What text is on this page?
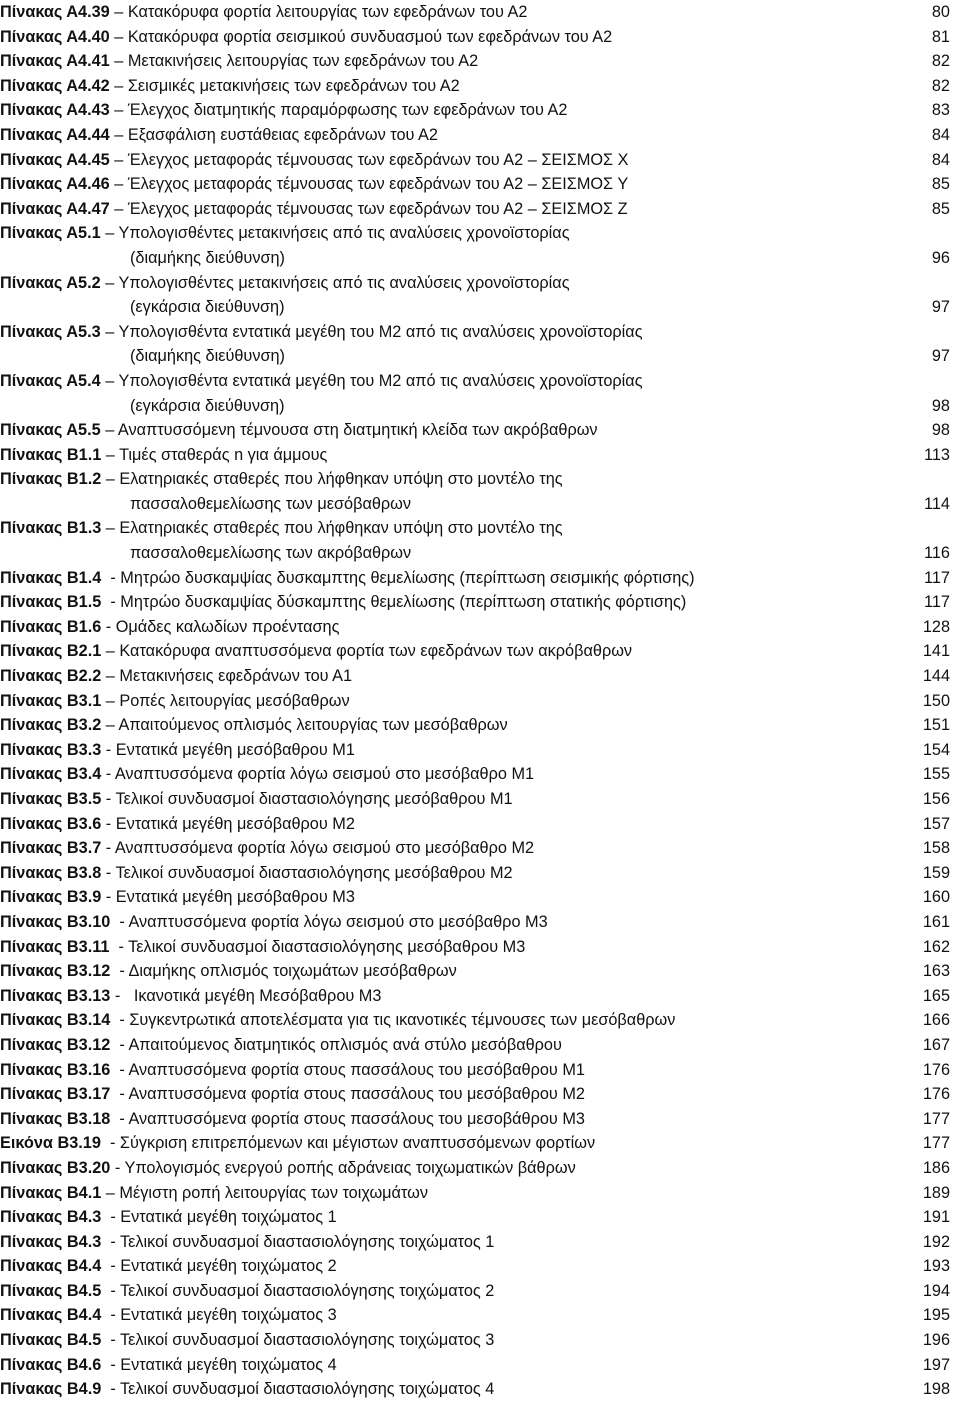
Πίνακας Α4.39 – Κατακόρυφα φορτία λειτουργίας των εφεδράνων του Α2	80
Πίνακας Α4.40 – Κατακόρυφα φορτία σεισμικού συνδυασμού των εφεδράνων του Α2	81
Πίνακας Α4.41 – Μετακινήσεις λειτουργίας των εφεδράνων του Α2	82
Πίνακας Α4.42 – Σεισμικές μετακινήσεις των εφεδράνων του Α2	82
Πίνακας Α4.43 – Έλεγχος διατμητικής παραμόρφωσης των εφεδράνων του Α2	83
Πίνακας Α4.44 – Εξασφάλιση ευστάθειας εφεδράνων του Α2	84
Πίνακας Α4.45 – Έλεγχος μεταφοράς τέμνουσας των εφεδράνων του Α2 – ΣΕΙΣΜΟΣ Χ	84
Πίνακας Α4.46 – Έλεγχος μεταφοράς τέμνουσας των εφεδράνων του Α2 – ΣΕΙΣΜΟΣ Υ	85
Πίνακας Α4.47 – Έλεγχος μεταφοράς τέμνουσας των εφεδράνων του Α2 – ΣΕΙΣΜΟΣ Ζ	85
Πίνακας Α5.1 – Υπολογισθέντες μετακινήσεις από τις αναλύσεις χρονοϊστορίας
(διαμήκης διεύθυνση)	96
Πίνακας Α5.2 – Υπολογισθέντες μετακινήσεις από τις αναλύσεις χρονοϊστορίας
(εγκάρσια διεύθυνση)	97
Πίνακας Α5.3 – Υπολογισθέντα εντατικά μεγέθη του Μ2 από τις αναλύσεις χρονοϊστορίας
(διαμήκης διεύθυνση)	97
Πίνακας Α5.4 – Υπολογισθέντα εντατικά μεγέθη του Μ2 από τις αναλύσεις χρονοϊστορίας
(εγκάρσια διεύθυνση)	98
Πίνακας Α5.5 – Αναπτυσσόμενη τέμνουσα στη διατμητική κλείδα των ακρόβαθρων	98
Πίνακας Β1.1 – Τιμές σταθεράς n για άμμους	113
Πίνακας Β1.2 – Ελατηριακές σταθερές που λήφθηκαν υπόψη στο μοντέλο της
πασσαλοθεμελίωσης των μεσόβαθρων	114
Πίνακας Β1.3 – Ελατηριακές σταθερές που λήφθηκαν υπόψη στο μοντέλο της
πασσαλοθεμελίωσης των ακρόβαθρων	116
Πίνακας Β1.4  - Μητρώο δυσκαμψίας δυσκαμπτης θεμελίωσης (περίπτωση σεισμικής φόρτισης)	117
Πίνακας Β1.5  - Μητρώο δυσκαμψίας δύσκαμπτης θεμελίωσης (περίπτωση στατικής φόρτισης)	117
Πίνακας Β1.6 - Ομάδες καλωδίων προέντασης	128
Πίνακας Β2.1 – Κατακόρυφα αναπτυσσόμενα φορτία των εφεδράνων των ακρόβαθρων	141
Πίνακας Β2.2 – Μετακινήσεις εφεδράνων του Α1	144
Πίνακας Β3.1 – Ροπές λειτουργίας μεσόβαθρων	150
Πίνακας Β3.2 – Απαιτούμενος οπλισμός λειτουργίας των μεσόβαθρων	151
Πίνακας Β3.3 - Εντατικά μεγέθη μεσόβαθρου Μ1	154
Πίνακας Β3.4 - Αναπτυσσόμενα φορτία λόγω σεισμού στο μεσόβαθρο Μ1	155
Πίνακας Β3.5 - Τελικοί συνδυασμοί διαστασιολόγησης μεσόβαθρου Μ1	156
Πίνακας Β3.6 - Εντατικά μεγέθη μεσόβαθρου Μ2	157
Πίνακας Β3.7 - Αναπτυσσόμενα φορτία λόγω σεισμού στο μεσόβαθρο Μ2	158
Πίνακας Β3.8 - Τελικοί συνδυασμοί διαστασιολόγησης μεσόβαθρου Μ2	159
Πίνακας Β3.9 - Εντατικά μεγέθη μεσόβαθρου Μ3	160
Πίνακας Β3.10  - Αναπτυσσόμενα φορτία λόγω σεισμού στο μεσόβαθρο Μ3	161
Πίνακας Β3.11  - Τελικοί συνδυασμοί διαστασιολόγησης μεσόβαθρου Μ3	162
Πίνακας Β3.12  - Διαμήκης οπλισμός τοιχωμάτων μεσόβαθρων	163
Πίνακας Β3.13 -   Ικανοτικά μεγέθη Μεσόβαθρου Μ3	165
Πίνακας Β3.14  - Συγκεντρωτικά αποτελέσματα για τις ικανοτικές τέμνουσες των μεσόβαθρων	166
Πίνακας Β3.12  - Απαιτούμενος διατμητικός οπλισμός ανά στύλο μεσόβαθρου	167
Πίνακας Β3.16  - Αναπτυσσόμενα φορτία στους πασσάλους του μεσόβαθρου Μ1	176
Πίνακας Β3.17  - Αναπτυσσόμενα φορτία στους πασσάλους του μεσόβαθρου Μ2	176
Πίνακας Β3.18  - Αναπτυσσόμενα φορτία στους πασσάλους του μεσοβάθρου Μ3	177
Εικόνα Β3.19  - Σύγκριση επιτρεπόμενων και μέγιστων αναπτυσσόμενων φορτίων	177
Πίνακας Β3.20 - Υπολογισμός ενεργού ροπής αδράνειας τοιχωματικών βάθρων	186
Πίνακας Β4.1 – Μέγιστη ροπή λειτουργίας των τοιχωμάτων	189
Πίνακας Β4.3  - Εντατικά μεγέθη τοιχώματος 1	191
Πίνακας Β4.3  - Τελικοί συνδυασμοί διαστασιολόγησης τοιχώματος 1	192
Πίνακας Β4.4  - Εντατικά μεγέθη τοιχώματος 2	193
Πίνακας Β4.5  - Τελικοί συνδυασμοί διαστασιολόγησης τοιχώματος 2	194
Πίνακας Β4.4  - Εντατικά μεγέθη τοιχώματος 3	195
Πίνακας Β4.5  - Τελικοί συνδυασμοί διαστασιολόγησης τοιχώματος 3	196
Πίνακας Β4.6  - Εντατικά μεγέθη τοιχώματος 4	197
Πίνακας Β4.9  - Τελικοί συνδυασμοί διαστασιολόγησης τοιχώματος 4	198
